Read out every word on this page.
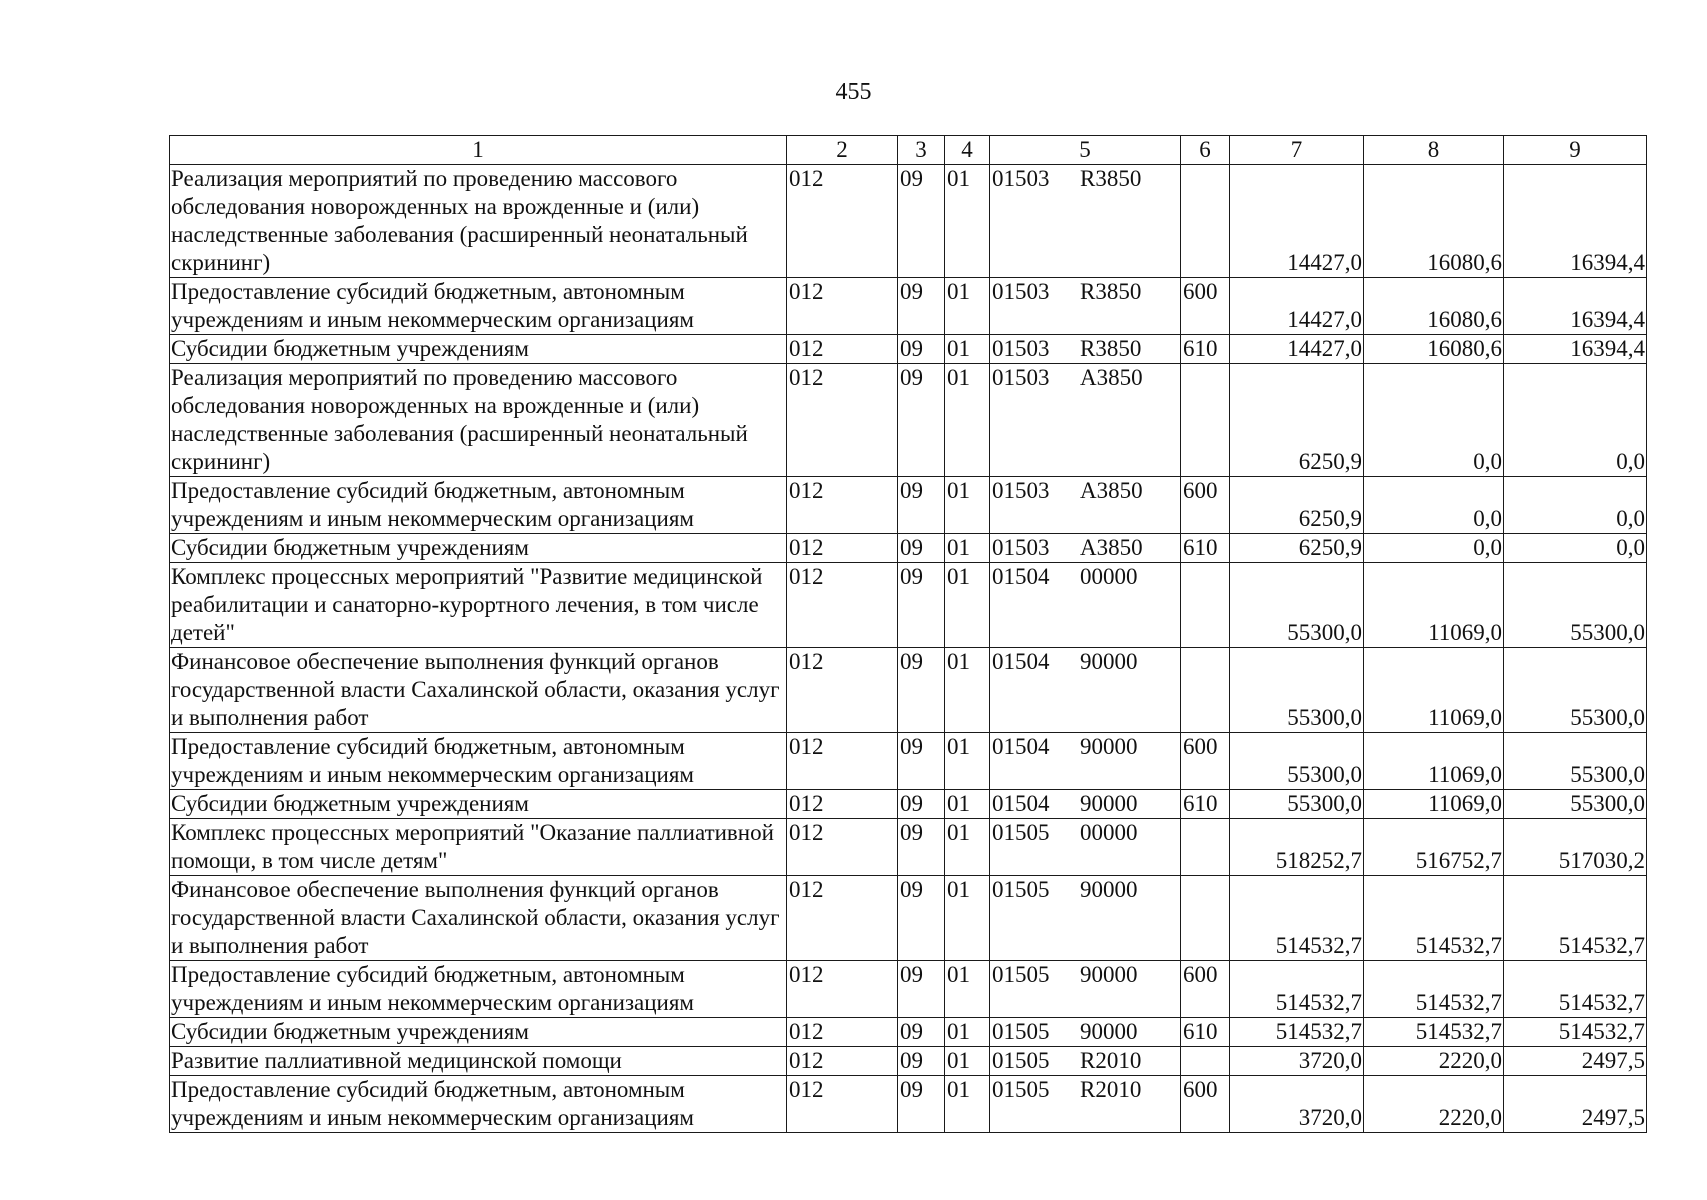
455
1	2	3	4	5	6	7	8	9
Реализация мероприятий по проведению массового обследования новорожденных на врожденные и (или) наследственные заболевания (расширенный неонатальный скрининг)	012	09	01	01503 R3850		14427,0	16080,6	16394,4
Предоставление субсидий бюджетным, автономным учреждениям и иным некоммерческим организациям	012	09	01	01503 R3850	600	14427,0	16080,6	16394,4
Субсидии бюджетным учреждениям	012	09	01	01503 R3850	610	14427,0	16080,6	16394,4
Реализация мероприятий по проведению массового обследования новорожденных на врожденные и (или) наследственные заболевания (расширенный неонатальный скрининг)	012	09	01	01503 А3850		6250,9	0,0	0,0
Предоставление субсидий бюджетным, автономным учреждениям и иным некоммерческим организациям	012	09	01	01503 А3850	600	6250,9	0,0	0,0
Субсидии бюджетным учреждениям	012	09	01	01503 А3850	610	6250,9	0,0	0,0
Комплекс процессных мероприятий "Развитие медицинской реабилитации и санаторно-курортного лечения, в том числе детей"	012	09	01	01504 00000		55300,0	11069,0	55300,0
Финансовое обеспечение выполнения функций органов государственной власти Сахалинской области, оказания услуг и выполнения работ	012	09	01	01504 90000		55300,0	11069,0	55300,0
Предоставление субсидий бюджетным, автономным учреждениям и иным некоммерческим организациям	012	09	01	01504 90000	600	55300,0	11069,0	55300,0
Субсидии бюджетным учреждениям	012	09	01	01504 90000	610	55300,0	11069,0	55300,0
Комплекс процессных мероприятий "Оказание паллиативной помощи, в том числе детям"	012	09	01	01505 00000		518252,7	516752,7	517030,2
Финансовое обеспечение выполнения функций органов государственной власти Сахалинской области, оказания услуг и выполнения работ	012	09	01	01505 90000		514532,7	514532,7	514532,7
Предоставление субсидий бюджетным, автономным учреждениям и иным некоммерческим организациям	012	09	01	01505 90000	600	514532,7	514532,7	514532,7
Субсидии бюджетным учреждениям	012	09	01	01505 90000	610	514532,7	514532,7	514532,7
Развитие паллиативной медицинской помощи	012	09	01	01505 R2010		3720,0	2220,0	2497,5
Предоставление субсидий бюджетным, автономным учреждениям и иным некоммерческим организациям	012	09	01	01505 R2010	600	3720,0	2220,0	2497,5
